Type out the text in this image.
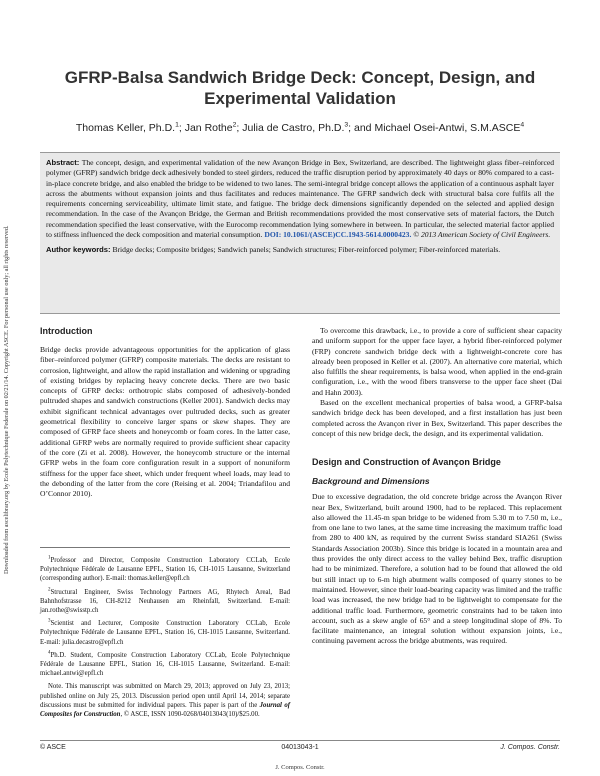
Downloaded from ascelibrary.org by Ecole Polytechnique Federale on 02/21/14. Copyright ASCE. For personal use only; all rights reserved.
GFRP-Balsa Sandwich Bridge Deck: Concept, Design, and Experimental Validation
Thomas Keller, Ph.D.$^1$; Jan Rothe$^2$; Julia de Castro, Ph.D.$^3$; and Michael Osei-Antwi, S.M.ASCE$^4$

Abstract: The concept, design, and experimental validation of the new Avançon Bridge in Bex, Switzerland, are described. The lightweight glass fiber–reinforced polymer (GFRP) sandwich bridge deck adhesively bonded to steel girders, reduced the traffic disruption period by approximately 40 days or 80% compared to a cast-in-place concrete bridge, and also enabled the bridge to be widened to two lanes. The semi-integral bridge concept allows the application of a continuous asphalt layer across the abutments without expansion joints and thus facilitates and reduces maintenance. The GFRP sandwich deck with structural balsa core fulfils all the requirements concerning serviceability, ultimate limit state, and fatigue. The bridge deck dimensions significantly depended on the selected and applied design recommendation. In the case of the Avançon Bridge, the German and British recommendations provided the most conservative sets of material factors, the Dutch recommendation specified the least conservative, with the Eurocomp recommendation lying somewhere in between. In particular, the selected material factor applied to stiffness influenced the deck composition and material consumption. DOI: 10.1061/(ASCE)CC.1943-5614.0000423. © 2013 American Society of Civil Engineers.

Author keywords: Bridge decks; Composite bridges; Sandwich panels; Sandwich structures; Fiber-reinforced polymer; Fiber-reinforced materials.

Introduction

Bridge decks provide advantageous opportunities for the application of glass fiber–reinforced polymer (GFRP) composite materials. The decks are resistant to corrosion, lightweight, and allow the rapid installation and widening or upgrading of existing bridges by replacing heavy concrete decks. There are two basic concepts of GFRP decks: orthotropic slabs composed of adhesively-bonded pultruded shapes and sandwich constructions (Keller 2001). Sandwich decks may exhibit significant technical advantages over pultruded decks, such as greater geometrical flexibility to conceive larger spans or skew shapes. They are composed of GFRP face sheets and honeycomb or foam cores. In the latter case, additional GFRP webs are normally required to provide sufficient shear capacity of the core (Zi et al. 2008). However, the honeycomb structure or the internal GFRP webs in the foam core configuration result in a support of nonuniform stiffness for the upper face sheet, which under frequent wheel loads, may lead to the debonding of the latter from the core (Reising et al. 2004; Triandafilou and O’Connor 2010).

$^1$Professor and Director, Composite Construction Laboratory CCLab, Ecole Polytechnique Fédérale de Lausanne EPFL, Station 16, CH-1015 Lausanne, Switzerland (corresponding author). E-mail: thomas.keller@epfl.ch

$^2$Structural Engineer, Swiss Technology Partners AG, Rhytech Areal, Bad Bahnhofstrasse 16, CH-8212 Neuhausen am Rheinfall, Switzerland. E-mail: jan.rothe@swisstp.ch

$^3$Scientist and Lecturer, Composite Construction Laboratory CCLab, Ecole Polytechnique Fédérale de Lausanne EPFL, Station 16, CH-1015 Lausanne, Switzerland. E-mail: julia.decastro@epfl.ch

$^4$Ph.D. Student, Composite Construction Laboratory CCLab, Ecole Polytechnique Fédérale de Lausanne EPFL, Station 16, CH-1015 Lausanne, Switzerland. E-mail: michael.antwi@epfl.ch

Note. This manuscript was submitted on March 29, 2013; approved on July 23, 2013; published online on July 25, 2013. Discussion period open until April 14, 2014; separate discussions must be submitted for individual papers. This paper is part of the Journal of Composites for Construction, © ASCE, ISSN 1090-0268/04013043(10)/$25.00.

To overcome this drawback, i.e., to provide a core of sufficient shear capacity and uniform support for the upper face layer, a hybrid fiber-reinforced polymer (FRP) concrete sandwich bridge deck with a lightweight-concrete core has already been proposed in Keller et al. (2007). An alternative core material, which also fulfills the shear requirements, is balsa wood, when applied in the end-grain configuration, i.e., with the wood fibers transverse to the upper face sheet (Dai and Hahn 2003).

Based on the excellent mechanical properties of balsa wood, a GFRP-balsa sandwich bridge deck has been developed, and a first installation has just been completed across the Avançon river in Bex, Switzerland. This paper describes the concept of this new bridge deck, the design, and its experimental validation.

Design and Construction of Avançon Bridge
Background and Dimensions

Due to excessive degradation, the old concrete bridge across the Avançon River near Bex, Switzerland, built around 1900, had to be replaced. This replacement also allowed the 11.45-m span bridge to be widened from 5.30 m to 7.50 m, i.e., from one lane to two lanes, at the same time increasing the maximum traffic load from 280 to 400 kN, as required by the current Swiss standard SIA261 (Swiss Standards Association 2003b). Since this bridge is located in a mountain area and thus provides the only direct access to the valley behind Bex, traffic disruption had to be minimized. Therefore, a solution had to be found that allowed the old but still intact up to 6-m high abutment walls composed of quarry stones to be maintained. However, since their load-bearing capacity was limited and the traffic load was increased, the new bridge had to be lightweight to compensate for the additional traffic load. Furthermore, geometric constraints had to be taken into account, such as a skew angle of 65° and a steep longitudinal slope of 8%. To facilitate maintenance, an integral solution without expansion joints, i.e., continuing pavement across the bridge abutments, was required.

© ASCE	04013043-1	J. Compos. Constr.
J. Compos. Constr.
